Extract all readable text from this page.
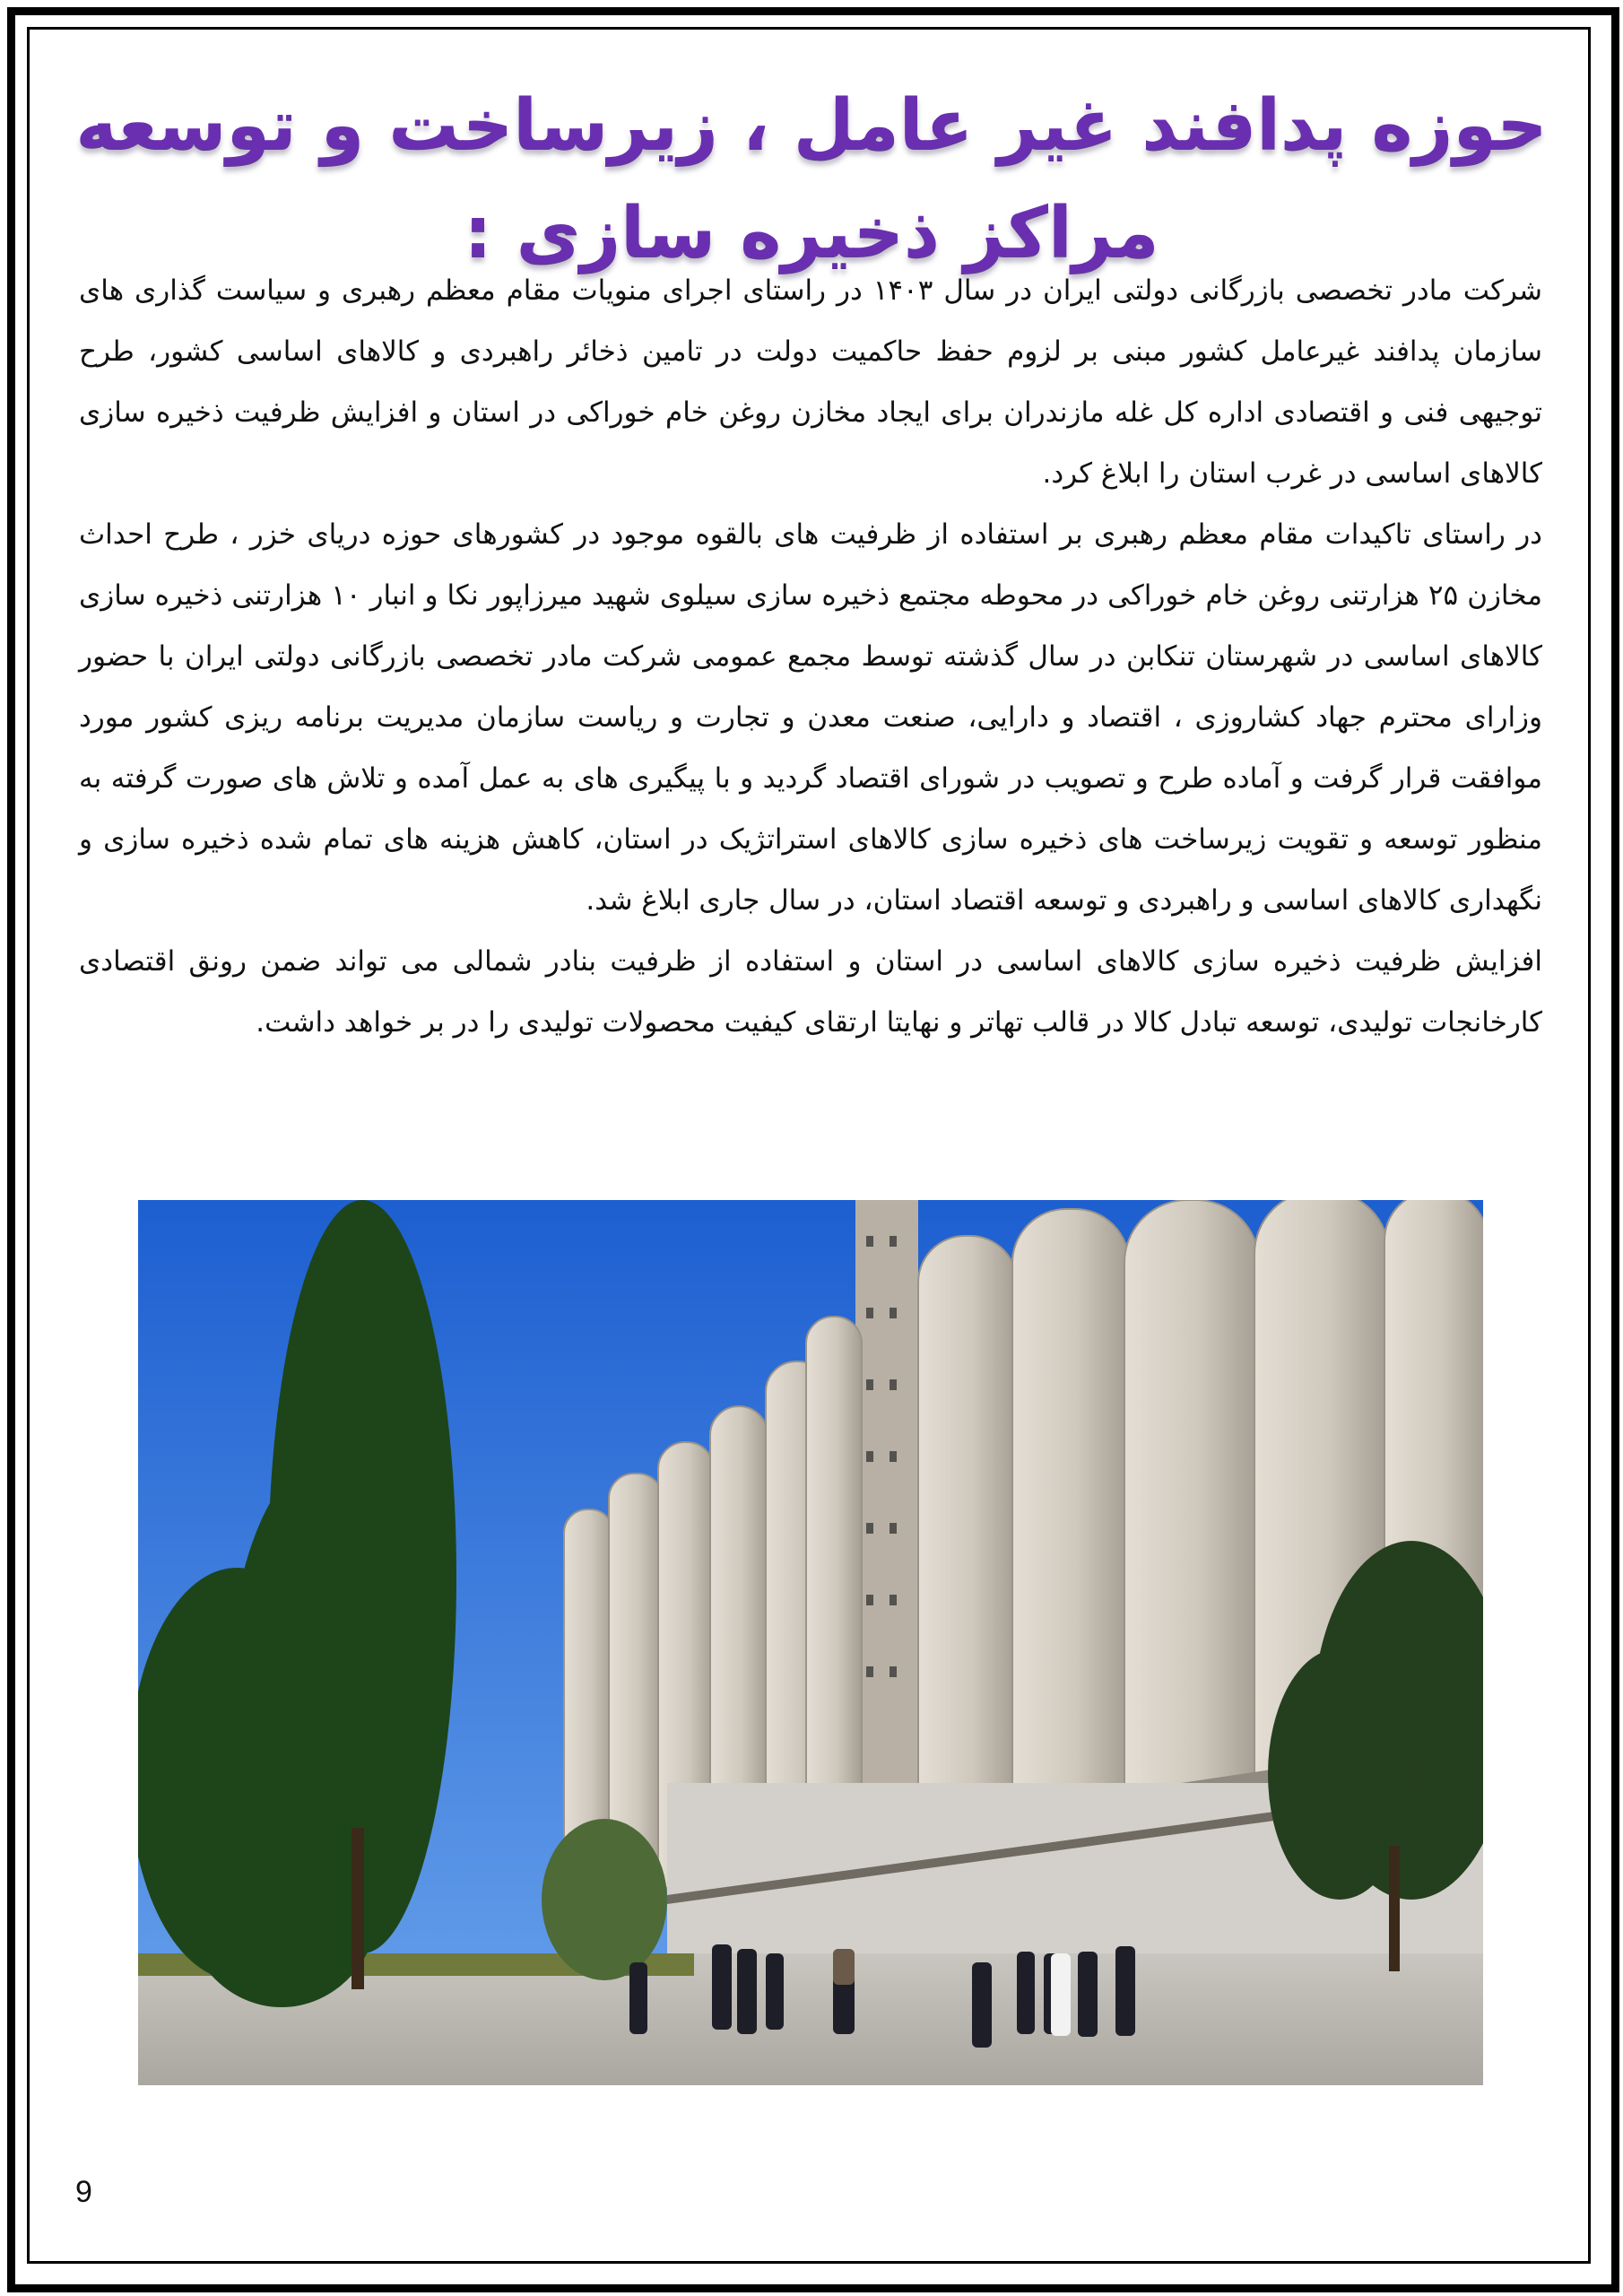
حوزه پدافند غیر عامل ، زیرساخت و توسعه مراکز ذخیره سازی :

شرکت مادر تخصصی بازرگانی دولتی ایران در سال ۱۴۰۳ در راستای اجرای منویات مقام معظم رهبری و سیاست گذاری های سازمان پدافند غیرعامل کشور مبنی بر لزوم حفظ حاکمیت دولت در تامین ذخائر راهبردی و کالاهای اساسی کشور، طرح توجیهی فنی و اقتصادی اداره کل غله مازندران برای ایجاد مخازن روغن خام خوراکی در استان و افزایش ظرفیت ذخیره سازی کالاهای اساسی در غرب استان را ابلاغ کرد.

در راستای تاکیدات مقام معظم رهبری بر استفاده از ظرفیت های بالقوه موجود در کشورهای حوزه دریای خزر ، طرح احداث مخازن ۲۵ هزارتنی روغن خام خوراکی در محوطه مجتمع ذخیره سازی سیلوی شهید میرزاپور نکا و انبار ۱۰ هزارتنی ذخیره سازی کالاهای اساسی در شهرستان تنکابن در سال گذشته توسط مجمع عمومی شرکت مادر تخصصی بازرگانی دولتی ایران با حضور وزارای محترم جهاد کشاروزی ، اقتصاد و دارایی، صنعت معدن و تجارت و ریاست سازمان مدیریت برنامه ریزی کشور مورد موافقت قرار گرفت و آماده طرح و تصویب در شورای اقتصاد گردید و با پیگیری های به عمل آمده و تلاش های صورت گرفته به منظور توسعه و تقویت زیرساخت های ذخیره سازی کالاهای استراتژیک در استان، کاهش هزینه های تمام شده ذخیره سازی و نگهداری کالاهای اساسی و راهبردی و توسعه اقتصاد استان، در سال جاری ابلاغ شد.

افزایش ظرفیت ذخیره سازی کالاهای اساسی در استان و استفاده از ظرفیت بنادر شمالی می تواند ضمن رونق اقتصادی کارخانجات تولیدی، توسعه تبادل کالا در قالب تهاتر و نهایتا ارتقای کیفیت محصولات تولیدی را در بر خواهد داشت.

9
